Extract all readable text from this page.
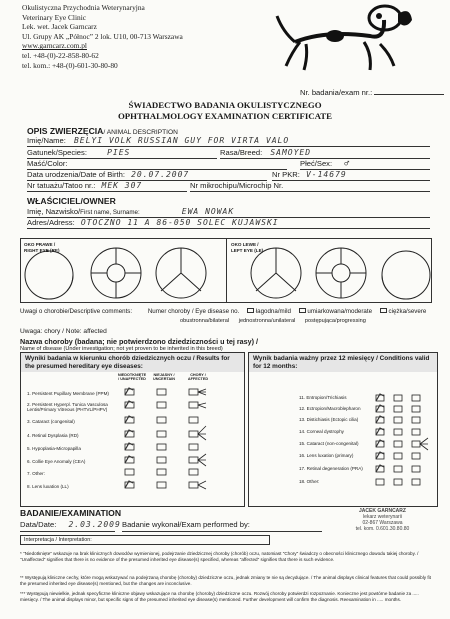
Okulistyczna Przychodnia Weterynaryjna
Veterinary Eye Clinic
Lek. wet. Jacek Garncarz
Ul. Grupy AK „Północ” 2 lok. U10, 00-713 Warszawa
www.garncarz.com.pl
tel. +48-(0)-22-858-80-62
tel. kom.: +48-(0)-601-30-80-80
Nr. badania/exam nr.:
ŚWIADECTWO BADANIA OKULISTYCZNEGO
OPHTHALMOLOGY EXAMINATION CERTIFICATE
OPIS ZWIERZĘCIA/ ANIMAL DESCRIPTION
Imię/Name: BELYI VOLK RUSSIAN GUY FOR VIRTA VALO
Gatunek/Species:	PIES	Rasa/Breed: SAMOYED
Maść/Color:	Płeć/Sex: ♂
Data urodzenia/Date of Birth: 20.07.2007	Nr PKR: V-14679
Nr tatuażu/Tatoo nr.: MEK 307	Nr mikrochipu/Microchip Nr.
WŁAŚCICIEL/OWNER
Imię, Nazwisko/First name, Surname:	EWA NOWAK
Adres/Adress: OTOCZNO 11 A 86-050 SOLEC KUJAWSKI
OKO PRAWE / RIGHT EYE (RE)
OKO LEWE / LEFT EYE (LE)
Uwagi o chorobie/Descriptive comments:	Numer choroby / Eye disease no.	łagodna/mild	umiarkowana/moderate	ciężka/severe
obustronna/bilateral jednostronna/unilateral postępująca/progressing
Uwaga: chory / Note: affected
Nazwa choroby (badana; nie potwierdzono dziedziczności u tej rasy) /
Name of disease (Under investigation; not yet proven to be inherited in this breed)
Wyniki badania w kierunku chorób dziedzicznych oczu / Results for the presumed hereditary eye diseases:
NIEDOTKNIĘTE / UNAFFECTED
NIEJASNY / UNCERTAIN
CHORY / AFFECTED
1. Persistent Pupillary Membrane (PPM)
2. Persistent Hyperpl. Tunica Vasculosa Lentis/Primary Vitreous (PHTVL/PHPV)
3. Cataract (congenital)
4. Retinal Dysplasia (RD)
5. Hypoplasia-Micropapilla
6. Collie Eye Anomaly (CEA)
7. Other:
8. Lens luxation (LL)
Wynik badania ważny przez 12 miesięcy / Conditions valid for 12 months:
11. Entropion/Trichiasis
12. Ectropion/Macroblepharon
13. Distichiasis (Ectopic cilia)
14. Corneal dystrophy
15. Cataract (non-congenital)
16. Lens luxation (primary)
17. Retinal degeneration (PRA)
18. Other:
BADANIE/EXAMINATION
Data/Date: 2.03.2009 Badanie wykonał/Exam performed by:
Interpretacja / Interpretation:
JACEK GARNCARZ
lekarz weterynarii
02-867 Warszawa
tel. kom. 0.601.30.80.80
* "Niedotknięte" wskazuje na brak klinicznych dowodów wymienionej, podejrzanie dziedzicznej choroby (chorób) oczu, natomiast "Chory" świadczy o obecności klinicznego dowodu takiej choroby. / "Unaffected" signifies that there is no evidence of the presumed inherited eye disease(s) specified, whereas "affected" signifies that there is such evidence.
** Występują kliniczne cechy, które mogą wskazywać na podejrzaną chorobę (choroby) dziedziczne oczu, jednak zmiany te nie są decydujące. / The animal displays clinical features that could possibly fit the presumed inherited eye disease(s) mentioned, but the changes are inconclusive.
*** Występują niewielkie, jednak specyficzne kliniczne objawy wskazujące na chorobę (choroby) dziedziczne oczu. Rozwój choroby potwierdzi rozpoznanie. Konieczne jest powtórne badanie za ..... miesięcy. / The animal displays minor, but specific signs of the presumed inherited eye disease(s) mentioned. Further development will confirm the diagnosis. Reexamination in ..... months.
